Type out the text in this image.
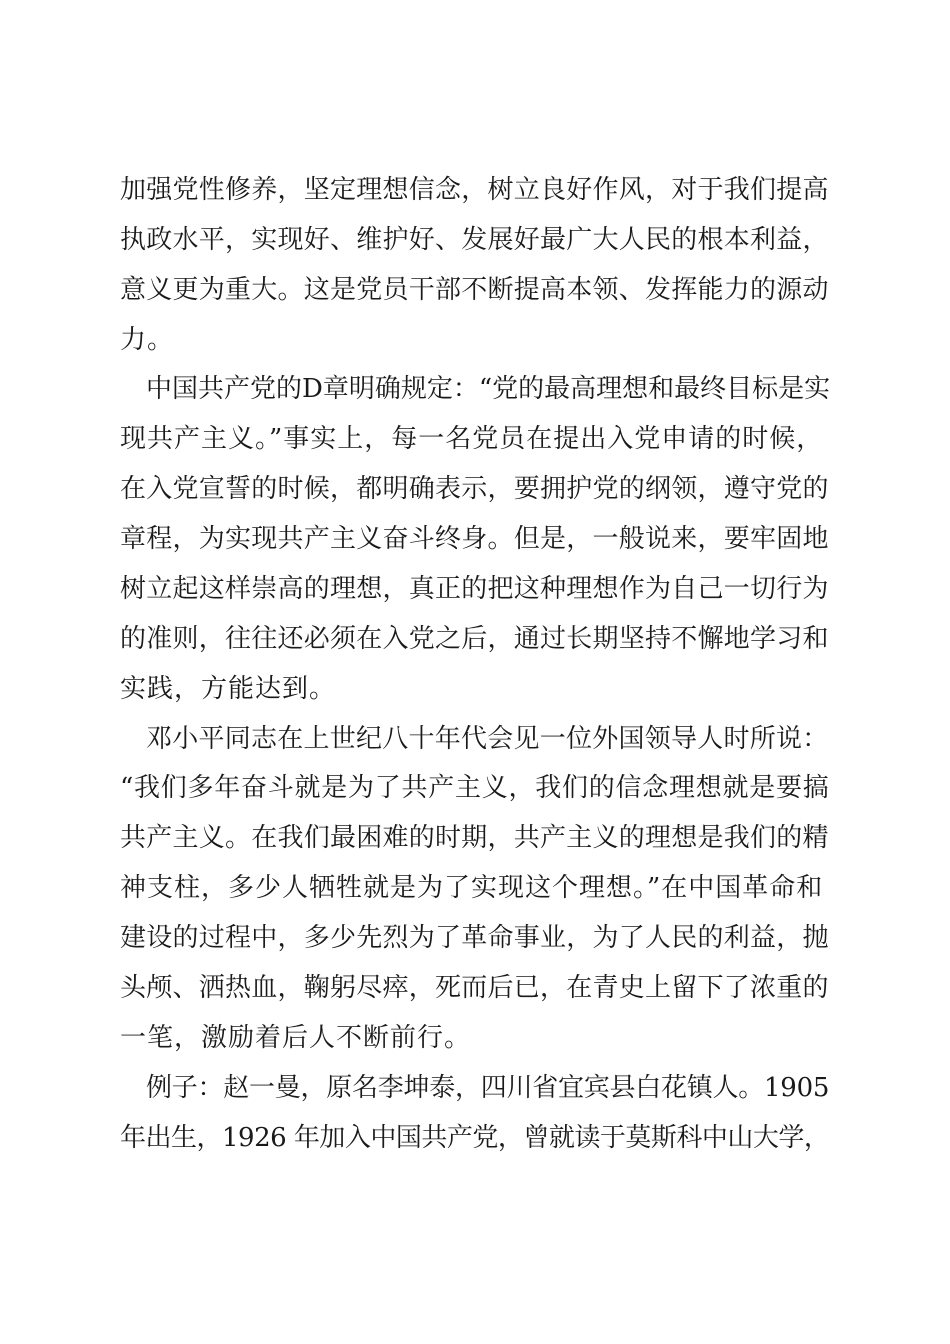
加强党性修养，坚定理想信念，树立良好作风，对于我们提高
执政水平，实现好、维护好、发展好最广大人民的根本利益，
意义更为重大。这是党员干部不断提高本领、发挥能力的源动
力。
中国共产党的D章明确规定：“党的最高理想和最终目标是实
现共产主义。”事实上，每一名党员在提出入党申请的时候，
在入党宣誓的时候，都明确表示，要拥护党的纲领，遵守党的
章程，为实现共产主义奋斗终身。但是，一般说来，要牢固地
树立起这样崇高的理想，真正的把这种理想作为自己一切行为
的准则，往往还必须在入党之后，通过长期坚持不懈地学习和
实践，方能达到。
邓小平同志在上世纪八十年代会见一位外国领导人时所说：
“我们多年奋斗就是为了共产主义，我们的信念理想就是要搞
共产主义。在我们最困难的时期，共产主义的理想是我们的精
神支柱，多少人牺牲就是为了实现这个理想。”在中国革命和
建设的过程中，多少先烈为了革命事业，为了人民的利益，抛
头颅、洒热血，鞠躬尽瘁，死而后已，在青史上留下了浓重的
一笔，激励着后人不断前行。
例子：赵一曼，原名李坤泰，四川省宜宾县白花镇人。1905
年出生，1926 年加入中国共产党，曾就读于莫斯科中山大学，
